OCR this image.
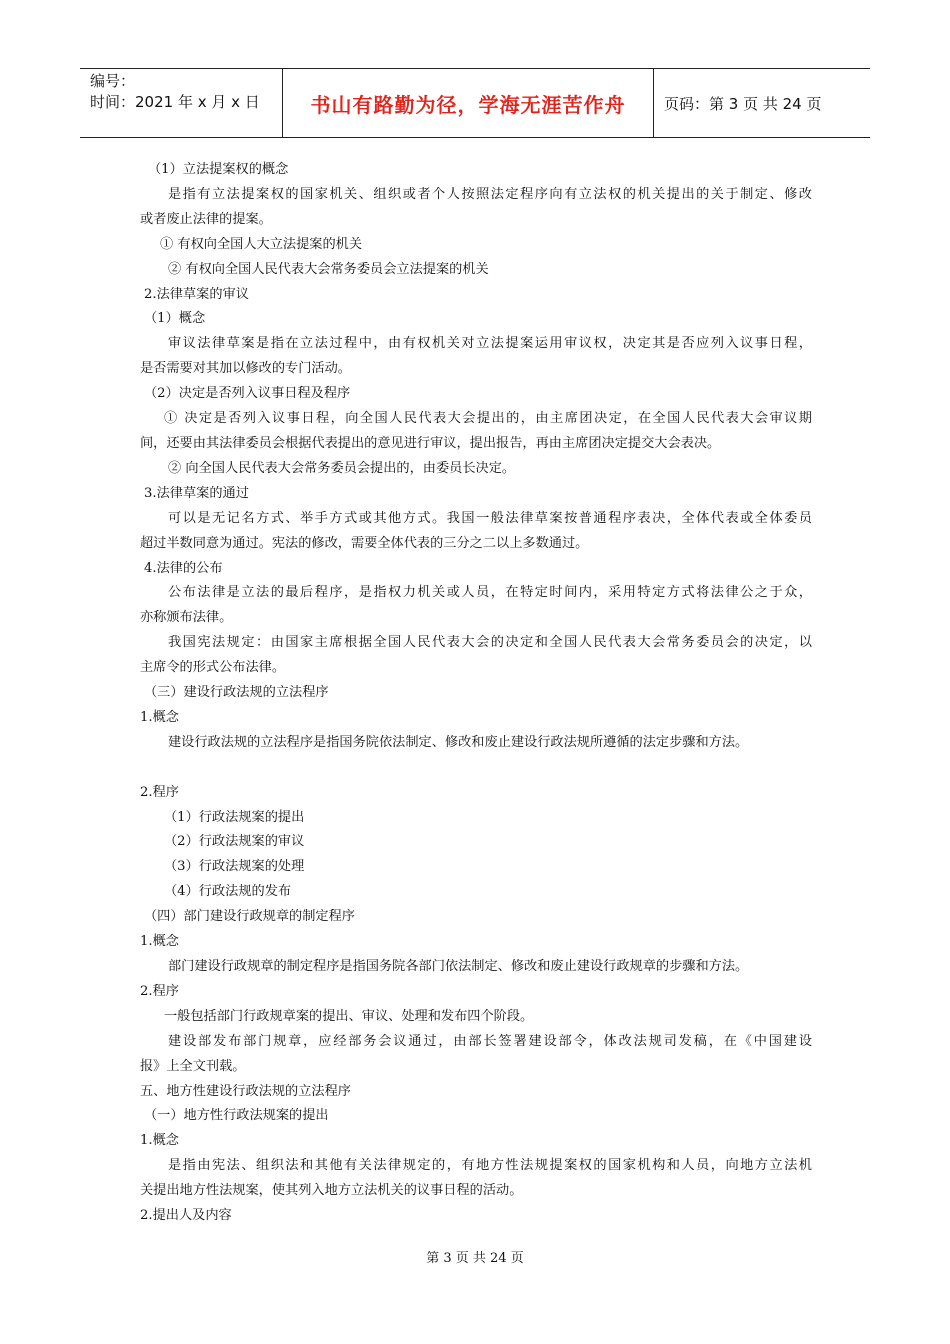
编号：
时间：2021 年 x 月 x 日	书山有路勤为径，学海无涯苦作舟	页码：第 3 页 共 24 页
（1）立法提案权的概念
是指有立法提案权的国家机关、组织或者个人按照法定程序向有立法权的机关提出的关于制定、修改
或者废止法律的提案。
① 有权向全国人大立法提案的机关
② 有权向全国人民代表大会常务委员会立法提案的机关
2.法律草案的审议
（1）概念
审议法律草案是指在立法过程中，由有权机关对立法提案运用审议权，决定其是否应列入议事日程，
是否需要对其加以修改的专门活动。
（2）决定是否列入议事日程及程序
① 决定是否列入议事日程，向全国人民代表大会提出的，由主席团决定，在全国人民代表大会审议期
间，还要由其法律委员会根据代表提出的意见进行审议，提出报告，再由主席团决定提交大会表决。
② 向全国人民代表大会常务委员会提出的，由委员长决定。
3.法律草案的通过
可以是无记名方式、举手方式或其他方式。我国一般法律草案按普通程序表决，全体代表或全体委员
超过半数同意为通过。宪法的修改，需要全体代表的三分之二以上多数通过。
4.法律的公布
公布法律是立法的最后程序，是指权力机关或人员，在特定时间内，采用特定方式将法律公之于众，
亦称颁布法律。
我国宪法规定：由国家主席根据全国人民代表大会的决定和全国人民代表大会常务委员会的决定，以
主席令的形式公布法律。
（三）建设行政法规的立法程序
1.概念
建设行政法规的立法程序是指国务院依法制定、修改和废止建设行政法规所遵循的法定步骤和方法。

2.程序
（1）行政法规案的提出
（2）行政法规案的审议
（3）行政法规案的处理
（4）行政法规的发布
（四）部门建设行政规章的制定程序
1.概念
部门建设行政规章的制定程序是指国务院各部门依法制定、修改和废止建设行政规章的步骤和方法。
2.程序
一般包括部门行政规章案的提出、审议、处理和发布四个阶段。
建设部发布部门规章，应经部务会议通过，由部长签署建设部令，体改法规司发稿，在《中国建设
报》上全文刊载。
五、地方性建设行政法规的立法程序
（一）地方性行政法规案的提出
1.概念
是指由宪法、组织法和其他有关法律规定的，有地方性法规提案权的国家机构和人员，向地方立法机
关提出地方性法规案，使其列入地方立法机关的议事日程的活动。
2.提出人及内容
第 3 页 共 24 页
